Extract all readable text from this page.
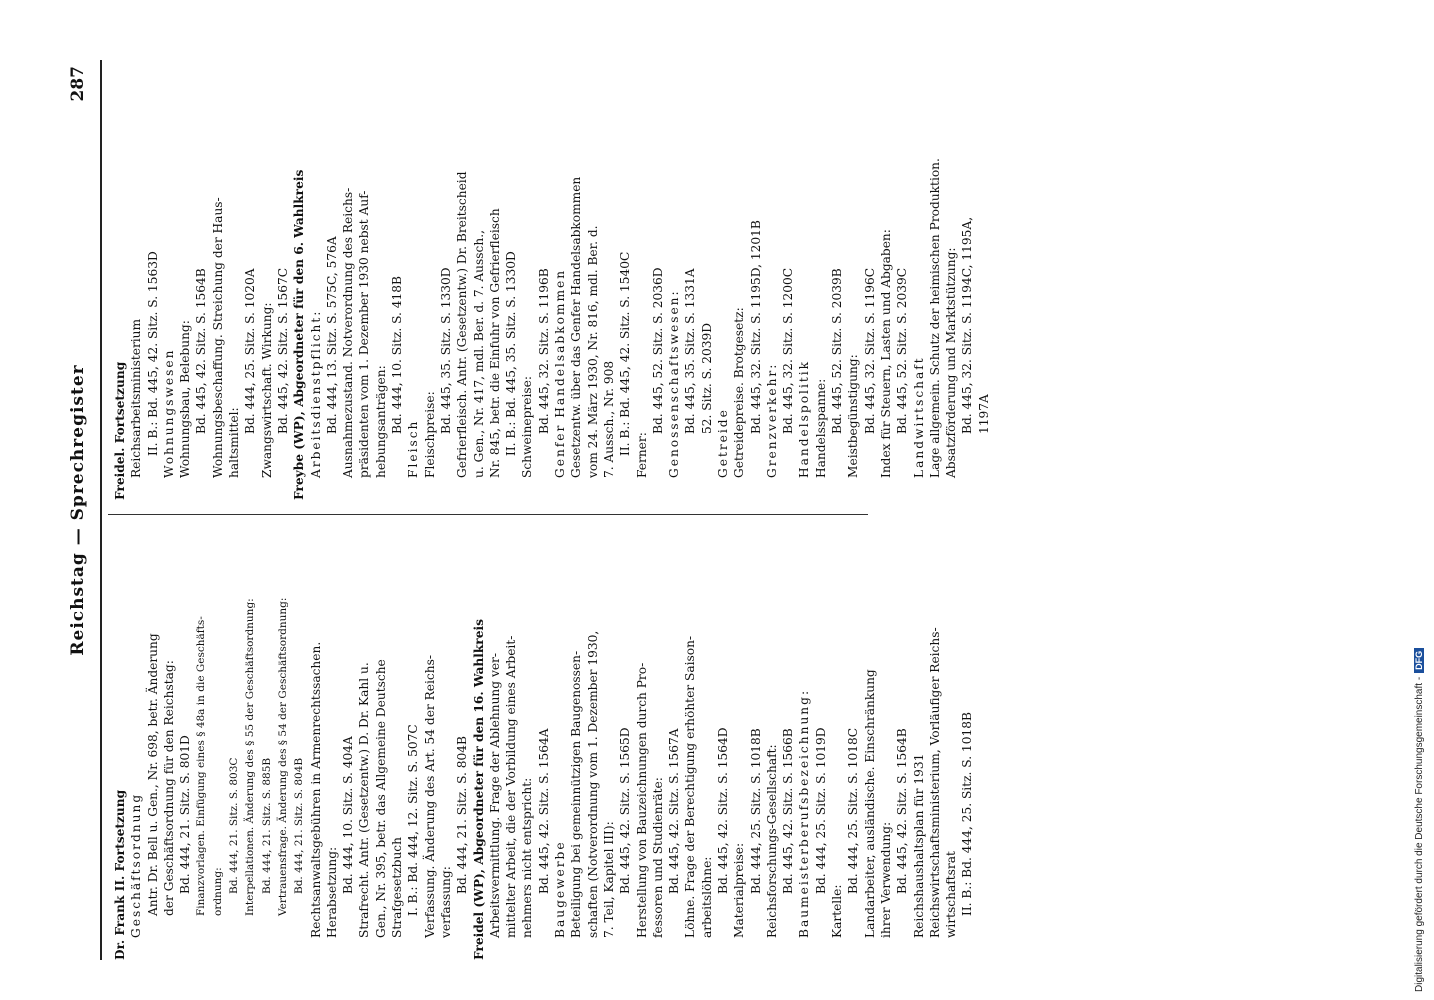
Reichstag — Sprechregister
287
Dr. Frank II. Fortsetzung Geschäftsordnung Antr. Dr. Bell u. Gen., Nr. 698, betr. Änderung der Geschäftsordnung für den Reichstag: Bd. 444, 21. Sitz. S. 801D Finanzvorlagen. Einfügung eines § 48a in die Geschäfts- ordnung: Bd. 444, 21. Sitz. S. 803C Interpellationen. Änderung des § 55 der Geschäftsordnung: Bd. 444, 21. Sitz. S. 885B Vertrauensfrage. Änderung des § 54 der Geschäftsordnung: Bd. 444, 21. Sitz. S. 804B Rechtsanwaltsgebühren in Armenrechtssachen. Herabsetzung: Bd. 444, 10. Sitz. S. 404A Strafrecht. Antr. (Gesetzentw.) D. Dr. Kahl u. Gen., Nr. 395, betr. das Allgemeine Deutsche Strafgesetzbuch I. B.: Bd. 444, 12. Sitz. S. 507C Verfassung. Änderung des Art. 54 der Reichs- verfassung:
Bd. 444, 21. Sitz. S. 804B Freidel (WP), Abgeordneter für den 16. Wahlkreis Arbeitsvermittlung. Frage der Ablehnung ver- mittelter Arbeit, die der Vorbildung eines Arbeit- nehmers nicht entspricht: Bd. 445, 42. Sitz. S. 1564A Baugewerbe Beteiligung bei gemeinnützigen Baugenossen- schaften (Notverordnung vom 1. Dezember 1930, 7. Teil, Kapitel III): Bd. 445, 42. Sitz. S. 1565D Herstellung von Bauzeichnungen durch Pro- fessoren und Studienräte: Bd. 445, 42. Sitz. S. 1567A Löhne. Frage der Berechtigung erhöhter Saison- arbeitslöhne:
Bd. 445, 42. Sitz. S. 1564D Materialpreise: Bd. 444, 25. Sitz. S. 1018B Reichsforschungs-Gesellschaft: Bd. 445, 42. Sitz. S. 1566B Baumeisterberufsbezeichnung: Bd. 444, 25. Sitz. S. 1019D
Kartelle:
Bd. 444, 25. Sitz. S. 1018C Landarbeiter, ausländische. Einschränkung ihrer Verwendung: Bd. 445, 42. Sitz. S. 1564B Reichshaushaltsplan für 1931 Reichswirtschaftsministerium, Vorläufiger Reichs- wirtschaftsrat II. B.: Bd. 444, 25. Sitz. S. 1018B
Freidel. Fortsetzung Reichsarbeitsministerium II. B.: Bd. 445, 42. Sitz. S. 1563D Wohnungswesen Wohnungsbau, Belebung: Bd. 445, 42. Sitz. S. 1564B Wohnungsbeschaffung. Streichung der Haus- haltsmittel:
Bd. 444, 25. Sitz. S. 1020A Zwangswirtschaft. Wirkung: Bd. 445, 42. Sitz. S. 1567C Freybe (WP), Abgeordneter für den 6. Wahlkreis Arbeitsdienstpflicht: Bd. 444, 13. Sitz. S. 575C, 576A Ausnahmezustand. Notverordnung des Reichs- präsidenten vom 1. Dezember 1930 nebst Auf- hebungsanträgen: Bd. 444, 10. Sitz. S. 418B
Fleisch Fleischpreise:
Bd. 445, 35. Sitz. S. 1330D Gefrierfleisch. Antr. (Gesetzentw.) Dr. Breitscheid u. Gen., Nr. 417, mdl. Ber. d. 7. Aussch., Nr. 845, betr. die Einfuhr von Gefrierfleisch II. B.: Bd. 445, 35. Sitz. S. 1330D Schweinepreise: Bd. 445, 32. Sitz. S. 1196B Genfer Handelsabkommen Gesetzentw. über das Genfer Handelsabkommen vom 24. März 1930, Nr. 816, mdl. Ber. d. 7. Aussch., Nr. 908 II. B.: Bd. 445, 42. Sitz. S. 1540C Ferner:
Bd. 445, 52. Sitz. S. 2036D Genossenschaftswesen: Bd. 445, 35. Sitz. S. 1331A 52. Sitz. S. 2039D
Getreide Getreidepreise. Brotgesetz: Bd. 445, 32. Sitz. S. 1195D, 1201B Grenzverkehr: Bd. 445, 32. Sitz. S. 1200C Handelspolitik Handelsspanne: Bd. 445, 52. Sitz. S. 2039B Meistbegünstigung: Bd. 445, 32. Sitz. S. 1196C Index für Steuern, Lasten und Abgaben: Bd. 445, 52. Sitz. S. 2039C Landwirtschaft Lage allgemein. Schutz der heimischen Produktion. Absatzförderung und Marktstützung: Bd. 445, 32. Sitz. S. 1194C, 1195A, 1197A
Digitalisierung gefördert durch die Deutsche Forschungsgemeinschaft -DFG
